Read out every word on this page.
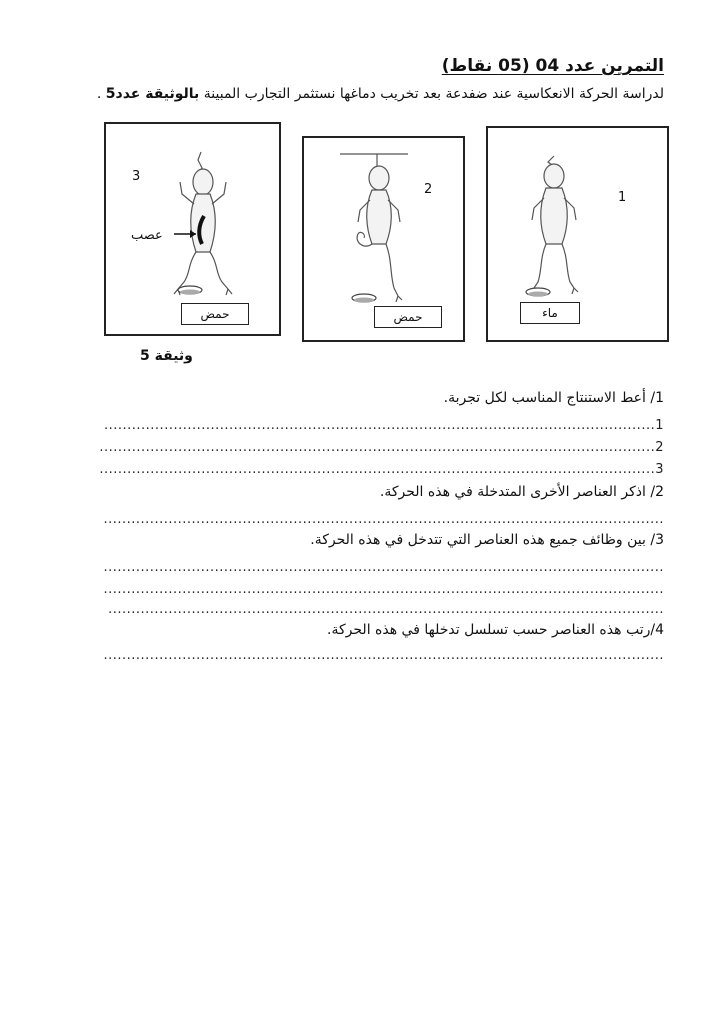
التمرين عدد 04 (05 نقاط)
لدراسة الحركة الانعكاسية عند ضفدعة بعد تخريب دماغها نستثمر التجارب المبينة بالوثيقة عدد5 .
3
عصب
حمض
2
حمض
1
ماء
وثيقة 5
1/ أعط الاستنتاج المناسب لكل تجربة.
1.......................................................................................................................
2........................................................................................................................
3........................................................................................................................
2/ اذكر العناصر الأخرى المتدخلة في هذه الحركة.
.........................................................................................................................
3/ بين وظائف جميع هذه العناصر التي تتدخل في هذه الحركة.
.........................................................................................................................
.........................................................................................................................
........................................................................................................................
4/رتب هذه العناصر حسب تسلسل تدخلها في هذه الحركة.
.........................................................................................................................
